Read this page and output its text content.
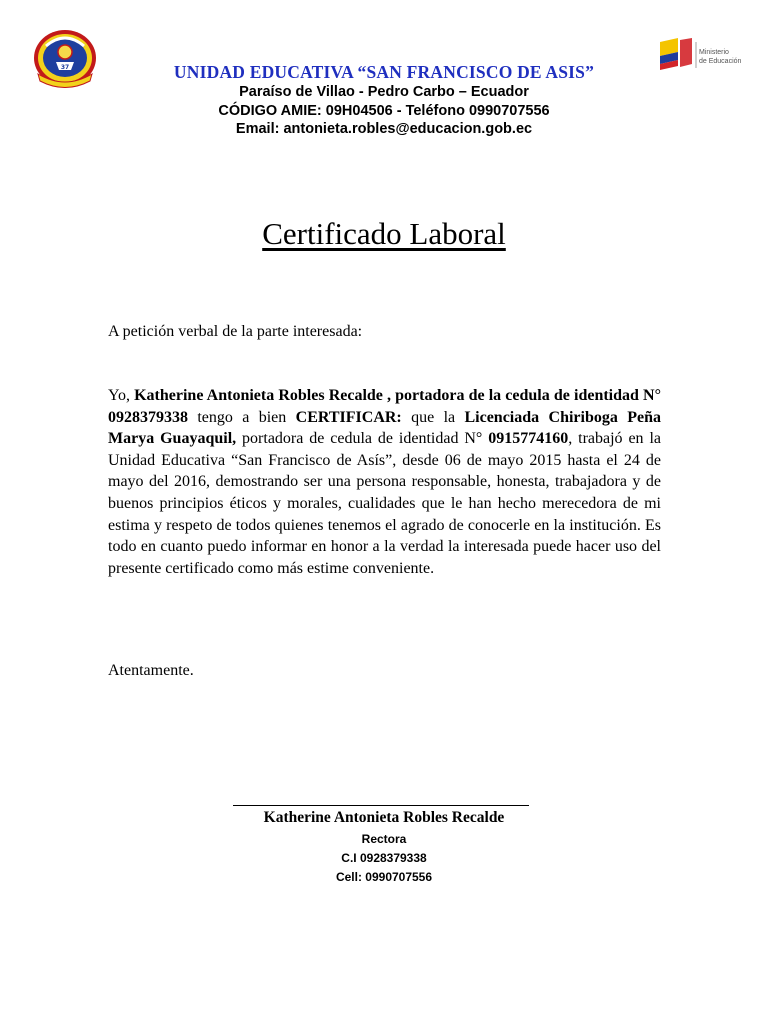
37
Ministerio
de Educación
UNIDAD EDUCATIVA “SAN FRANCISCO DE ASIS”
Paraíso de Villao - Pedro Carbo – Ecuador
CÓDIGO AMIE: 09H04506 - Teléfono 0990707556
Email: antonieta.robles@educacion.gob.ec
Certificado Laboral
A petición verbal de la parte interesada:
Yo, Katherine Antonieta Robles Recalde , portadora de la cedula de identidad N° 0928379338 tengo a bien CERTIFICAR: que la Licenciada Chiriboga Peña Marya Guayaquil, portadora de cedula de identidad N° 0915774160, trabajó en la Unidad Educativa “San Francisco de Asís”, desde 06 de mayo 2015 hasta el 24 de mayo del 2016, demostrando ser una persona responsable, honesta, trabajadora y de buenos principios éticos y morales, cualidades que le han hecho merecedora de mi estima y respeto de todos quienes tenemos el agrado de conocerle en la institución. Es todo en cuanto puedo informar en honor a la verdad la interesada puede hacer uso del presente certificado como más estime conveniente.
Atentamente.
Katherine Antonieta Robles Recalde
Rectora
C.I 0928379338
Cell: 0990707556
